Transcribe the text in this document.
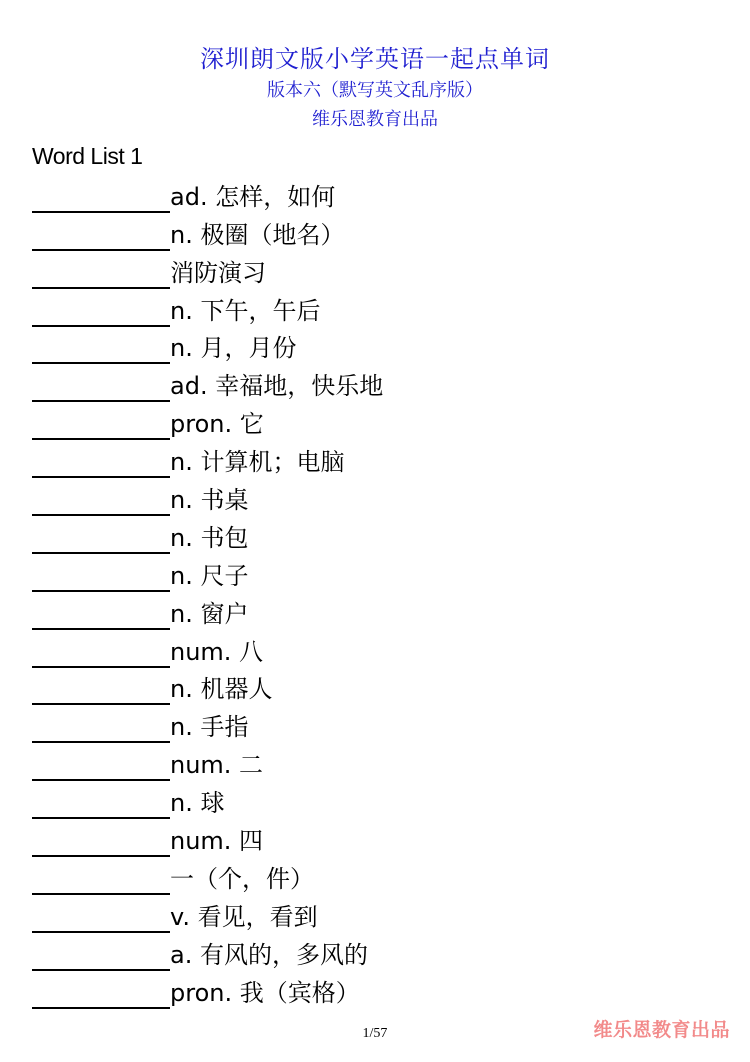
深圳朗文版小学英语一起点单词
版本六（默写英文乱序版）
维乐恩教育出品
Word List 1
ad. 怎样，如何
n. 极圈（地名）
消防演习
n. 下午，午后
n. 月，月份
ad. 幸福地，快乐地
pron. 它
n. 计算机；电脑
n. 书桌
n. 书包
n. 尺子
n. 窗户
num. 八
n. 机器人
n. 手指
num. 二
n. 球
num. 四
一（个，件）
v. 看见，看到
a. 有风的，多风的
pron. 我（宾格）
1/57	维乐恩教育出品
